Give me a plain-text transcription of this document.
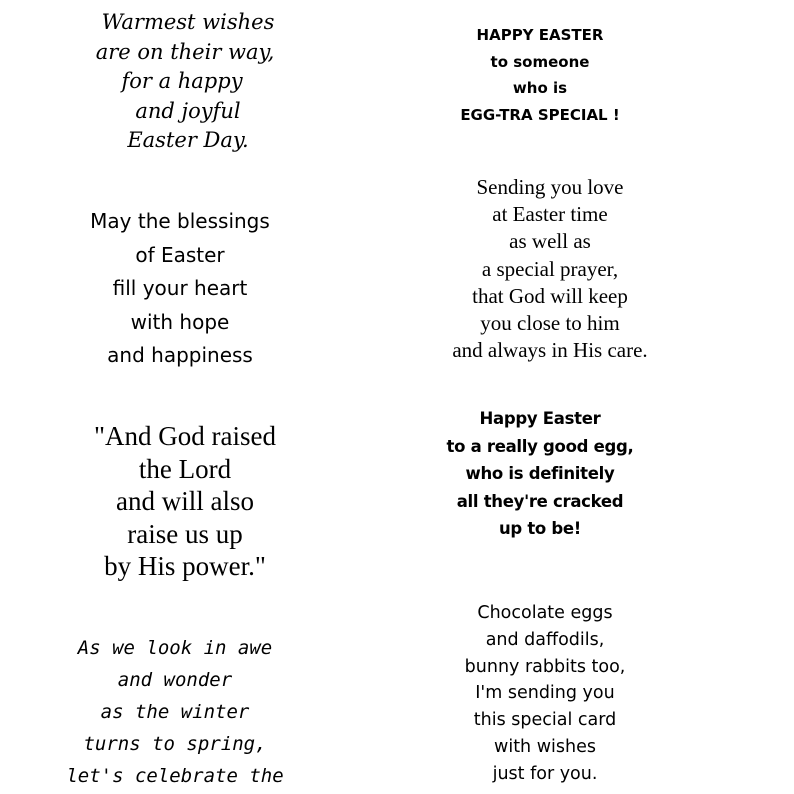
Warmest wishes
are on their way,
for a happy
and joyful
Easter Day.
May the blessings
of Easter
fill your heart
with hope
and happiness
"And God raised
the Lord
and will also
raise us up
by His power."
As we look in awe
and wonder
as the winter
turns to spring,
let's celebrate the
HAPPY EASTER
to someone
who is
EGG-TRA SPECIAL !
Sending you love
at Easter time
as well as
a special prayer,
that God will keep
you close to him
and always in His care.
Happy Easter
to a really good egg,
who is definitely
all they're cracked
up to be!
Chocolate eggs
and daffodils,
bunny rabbits too,
I'm sending you
this special card
with wishes
just for you.
